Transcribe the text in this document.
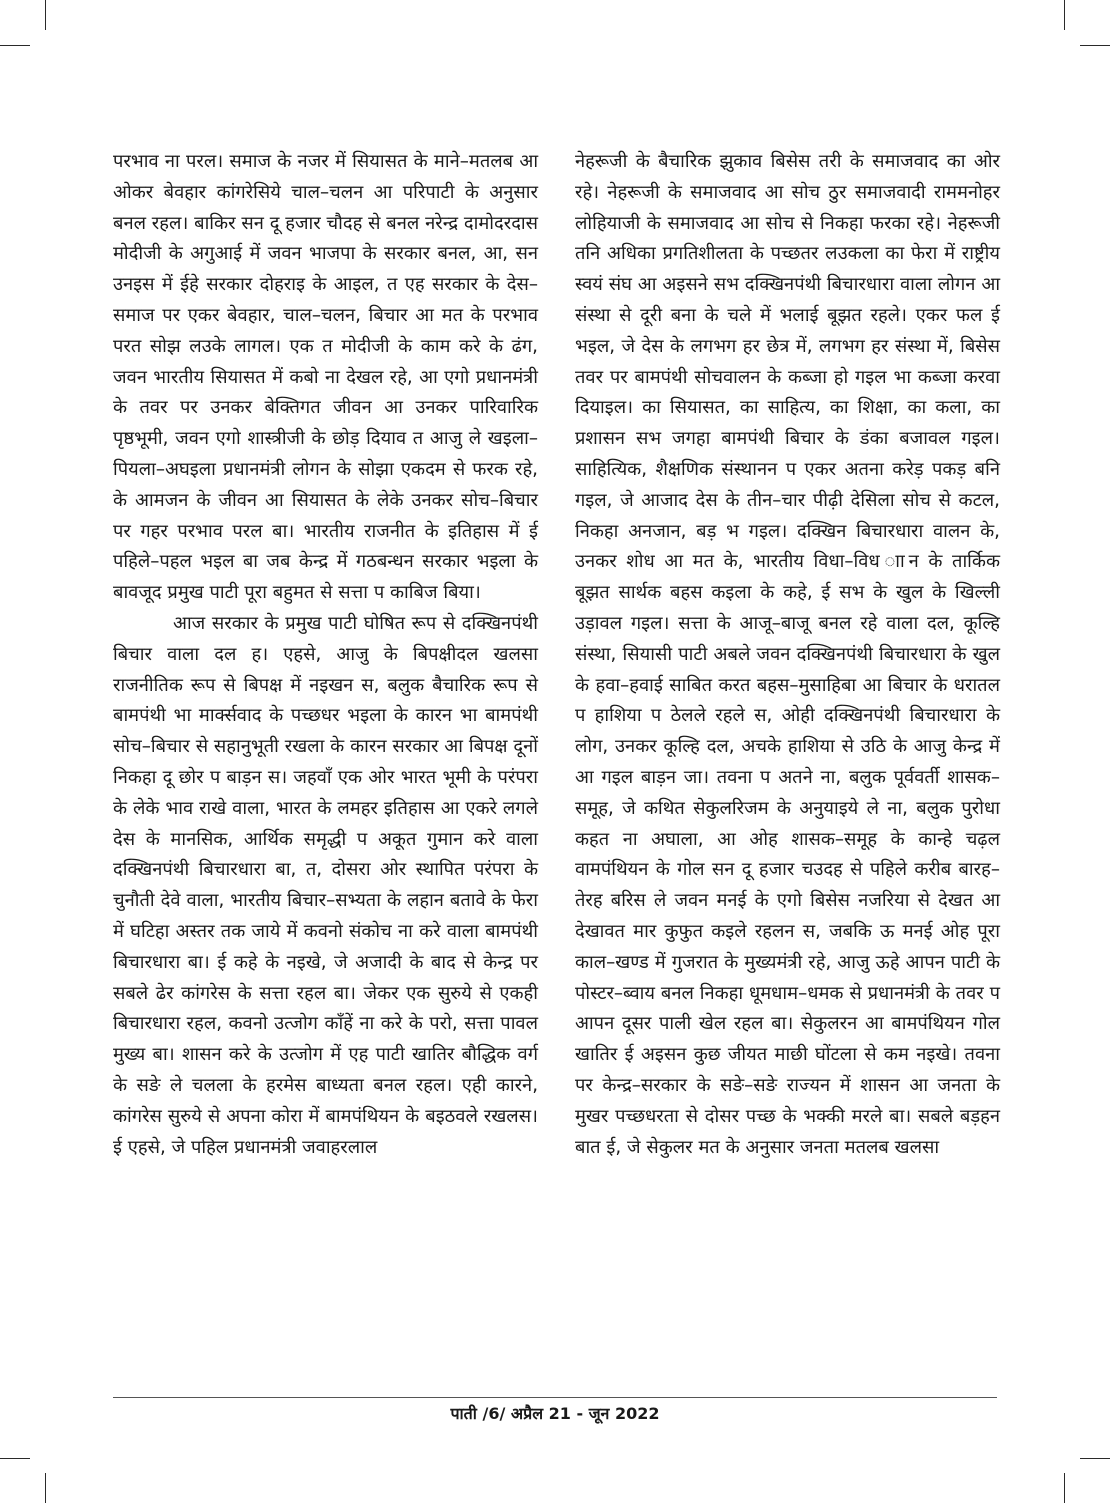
परभाव ना परल। समाज के नजर में सियासत के माने–मतलब आ ओकर बेवहार कांगरेसिये चाल–चलन आ परिपाटी के अनुसार बनल रहल। बाकिर सन दू हजार चौदह से बनल नरेन्द्र दामोदरदास मोदीजी के अगुआई में जवन भाजपा के सरकार बनल, आ, सन उनइस में ईहे सरकार दोहराइ के आइल, त एह सरकार के देस–समाज पर एकर बेवहार, चाल–चलन, बिचार आ मत के परभाव परत सोझ लउके लागल। एक त मोदीजी के काम करे के ढंग, जवन भारतीय सियासत में कबो ना देखल रहे, आ एगो प्रधानमंत्री के तवर पर उनकर बेक्तिगत जीवन आ उनकर पारिवारिक पृष्ठभूमी, जवन एगो शास्त्रीजी के छोड़ दियाव त आजु ले खइला–पियला–अघइला प्रधानमंत्री लोगन के सोझा एकदम से फरक रहे, के आमजन के जीवन आ सियासत के लेके उनकर सोच–बिचार पर गहर परभाव परल बा। भारतीय राजनीत के इतिहास में ई पहिले–पहल भइल बा जब केन्द्र में गठबन्धन सरकार भइला के बावजूद प्रमुख पाटी पूरा बहुमत से सत्ता प काबिज बिया।

आज सरकार के प्रमुख पाटी घोषित रूप से दक्खिनपंथी बिचार वाला दल ह। एहसे, आजु के बिपक्षीदल खलसा राजनीतिक रूप से बिपक्ष में नइखन स, बलुक बैचारिक रूप से बामपंथी भा मार्क्सवाद के पच्छधर भइला के कारन भा बामपंथी सोच–बिचार से सहानुभूती रखला के कारन सरकार आ बिपक्ष दूनों निकहा दू छोर प बाड़न स। जहवाँ एक ओर भारत भूमी के परंपरा के लेके भाव राखे वाला, भारत के लमहर इतिहास आ एकरे लगले देस के मानसिक, आर्थिक समृद्धी प अकूत गुमान करे वाला दक्खिनपंथी बिचारधारा बा, त, दोसरा ओर स्थापित परंपरा के चुनौती देवे वाला, भारतीय बिचार–सभ्यता के लहान बतावे के फेरा में घटिहा अस्तर तक जाये में कवनो संकोच ना करे वाला बामपंथी बिचारधारा बा। ई कहे के नइखे, जे अजादी के बाद से केन्द्र पर सबले ढेर कांगरेस के सत्ता रहल बा। जेकर एक सुरुये से एकही बिचारधारा रहल, कवनो उत्जोग काँहें ना करे के परो, सत्ता पावल मुख्य बा। शासन करे के उत्जोग में एह पाटी खातिर बौद्धिक वर्ग के सङे ले चलला के हरमेस बाध्यता बनल रहल। एही कारने, कांगरेस सुरुये से अपना कोरा में बामपंथियन के बइठवले रखलस। ई एहसे, जे पहिल प्रधानमंत्री जवाहरलाल

नेहरूजी के बैचारिक झुकाव बिसेस तरी के समाजवाद का ओर रहे। नेहरूजी के समाजवाद आ सोच ठुर समाजवादी राममनोहर लोहियाजी के समाजवाद आ सोच से निकहा फरका रहे। नेहरूजी तनि अधिका प्रगतिशीलता के पच्छतर लउकला का फेरा में राष्ट्रीय स्वयं संघ आ अइसने सभ दक्खिनपंथी बिचारधारा वाला लोगन आ संस्था से दूरी बना के चले में भलाई बूझत रहले। एकर फल ई भइल, जे देस के लगभग हर छेत्र में, लगभग हर संस्था में, बिसेस तवर पर बामपंथी सोचवालन के कब्जा हो गइल भा कब्जा करवा दियाइल। का सियासत, का साहित्य, का शिक्षा, का कला, का प्रशासन सभ जगहा बामपंथी बिचार के डंका बजावल गइल। साहित्यिक, शैक्षणिक संस्थानन प एकर अतना करेड़ पकड़ बनि गइल, जे आजाद देस के तीन–चार पीढ़ी देसिला सोच से कटल, निकहा अनजान, बड़ भ गइल। दक्खिन बिचारधारा वालन के, उनकर शोध आ मत के, भारतीय विधा–विध ाान के तार्किक बूझत सार्थक बहस कइला के कहे, ई सभ के खुल के खिल्ली उड़ावल गइल। सत्ता के आजू–बाजू बनल रहे वाला दल, कूल्हि संस्था, सियासी पाटी अबले जवन दक्खिनपंथी बिचारधारा के खुल के हवा–हवाई साबित करत बहस–मुसाहिबा आ बिचार के धरातल प हाशिया प ठेलले रहले स, ओही दक्खिनपंथी बिचारधारा के लोग, उनकर कूल्हि दल, अचके हाशिया से उठि के आजु केन्द्र में आ गइल बाड़न जा। तवना प अतने ना, बलुक पूर्ववर्ती शासक–समूह, जे कथित सेकुलरिजम के अनुयाइये ले ना, बलुक पुरोधा कहत ना अघाला, आ ओह शासक–समूह के कान्हे चढ़ल वामपंथियन के गोल सन दू हजार चउदह से पहिले करीब बारह–तेरह बरिस ले जवन मनई के एगो बिसेस नजरिया से देखत आ देखावत मार कुफुत कइले रहलन स, जबकि ऊ मनई ओह पूरा काल–खण्ड में गुजरात के मुख्यमंत्री रहे, आजु ऊहे आपन पाटी के पोस्टर–ब्वाय बनल निकहा धूमधाम–धमक से प्रधानमंत्री के तवर प आपन दूसर पाली खेल रहल बा। सेकुलरन आ बामपंथियन गोल खातिर ई अइसन कुछ जीयत माछी घोंटला से कम नइखे। तवना पर केन्द्र–सरकार के सङे–सङे राज्यन में शासन आ जनता के मुखर पच्छधरता से दोसर पच्छ के भक्की मरले बा। सबले बड़हन बात ई, जे सेकुलर मत के अनुसार जनता मतलब खलसा

पाती /6/ अप्रैल 21 - जून 2022
